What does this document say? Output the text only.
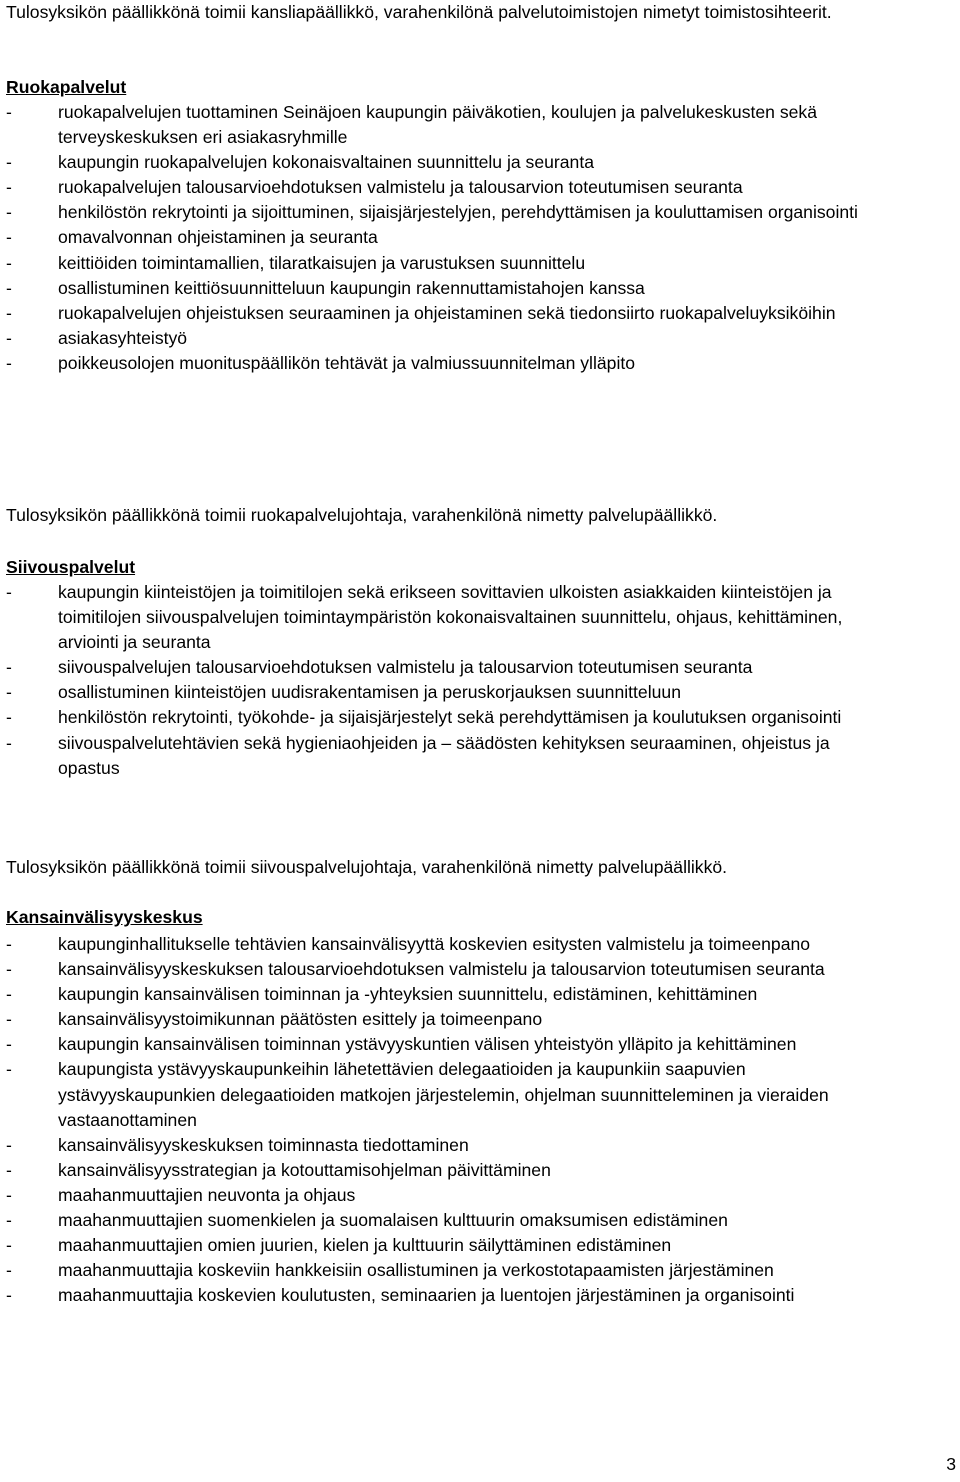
Tulosyksikön päällikkönä toimii kansliapäällikkö, varahenkilönä palvelutoimistojen nimetyt toimistosihteerit.
Ruokapalvelut
-	ruokapalvelujen tuottaminen Seinäjoen kaupungin päiväkotien, koulujen ja palvelukeskusten sekä terveyskeskuksen eri asiakasryhmille
-	kaupungin ruokapalvelujen kokonaisvaltainen suunnittelu ja seuranta
-	ruokapalvelujen talousarvioehdotuksen valmistelu ja talousarvion toteutumisen seuranta
-	henkilöstön rekrytointi ja sijoittuminen, sijaisjärjestelyjen, perehdyttämisen ja kouluttamisen organisointi
-	omavalvonnan ohjeistaminen ja seuranta
-	keittiöiden toimintamallien, tilaratkaisujen ja varustuksen suunnittelu
-	osallistuminen keittiösuunnitteluun kaupungin rakennuttamistahojen kanssa
-	ruokapalvelujen ohjeistuksen seuraaminen ja ohjeistaminen sekä tiedonsiirto ruokapalveluyksiköihin
-	asiakasyhteistyö
-	poikkeusolojen muonituspäällikön tehtävät ja valmiussuunnitelman ylläpito
Tulosyksikön päällikkönä toimii ruokapalvelujohtaja, varahenkilönä nimetty palvelupäällikkö.
Siivouspalvelut
-	kaupungin kiinteistöjen ja toimitilojen sekä erikseen sovittavien ulkoisten asiakkaiden kiinteistöjen ja toimitilojen siivouspalvelujen toimintaympäristön kokonaisvaltainen suunnittelu, ohjaus, kehittäminen, arviointi ja seuranta
-	siivouspalvelujen talousarvioehdotuksen valmistelu ja talousarvion toteutumisen seuranta
-	osallistuminen kiinteistöjen uudisrakentamisen ja peruskorjauksen suunnitteluun
-	henkilöstön rekrytointi, työkohde- ja sijaisjärjestelyt sekä perehdyttämisen ja koulutuksen organisointi
-	siivouspalvelutehtävien sekä hygieniaohjeiden ja – säädösten kehityksen seuraaminen, ohjeistus ja opastus
Tulosyksikön päällikkönä toimii siivouspalvelujohtaja, varahenkilönä nimetty palvelupäällikkö.
Kansainvälisyyskeskus
-	kaupunginhallitukselle tehtävien kansainvälisyyttä koskevien esitysten valmistelu ja toimeenpano
-	kansainvälisyyskeskuksen talousarvioehdotuksen valmistelu ja talousarvion toteutumisen seuranta
-	kaupungin kansainvälisen toiminnan ja -yhteyksien suunnittelu, edistäminen, kehittäminen
-	kansainvälisyystoimikunnan päätösten esittely ja toimeenpano
-	kaupungin kansainvälisen toiminnan ystävyyskuntien välisen yhteistyön ylläpito ja kehittäminen
-	kaupungista ystävyyskaupunkeihin lähetettävien delegaatioiden ja kaupunkiin saapuvien ystävyyskaupunkien delegaatioiden matkojen järjestelemin, ohjelman suunnitteleminen ja vieraiden vastaanottaminen
-	kansainvälisyyskeskuksen toiminnasta tiedottaminen
-	kansainvälisyysstrategian ja kotouttamisohjelman päivittäminen
-	maahanmuuttajien neuvonta ja ohjaus
-	maahanmuuttajien suomenkielen ja suomalaisen kulttuurin omaksumisen edistäminen
-	maahanmuuttajien omien juurien, kielen ja kulttuurin säilyttäminen edistäminen
-	maahanmuuttajia koskeviin hankkeisiin osallistuminen ja verkostotapaamisten järjestäminen
-	maahanmuuttajia koskevien koulutusten, seminaarien ja luentojen järjestäminen ja organisointi
3
